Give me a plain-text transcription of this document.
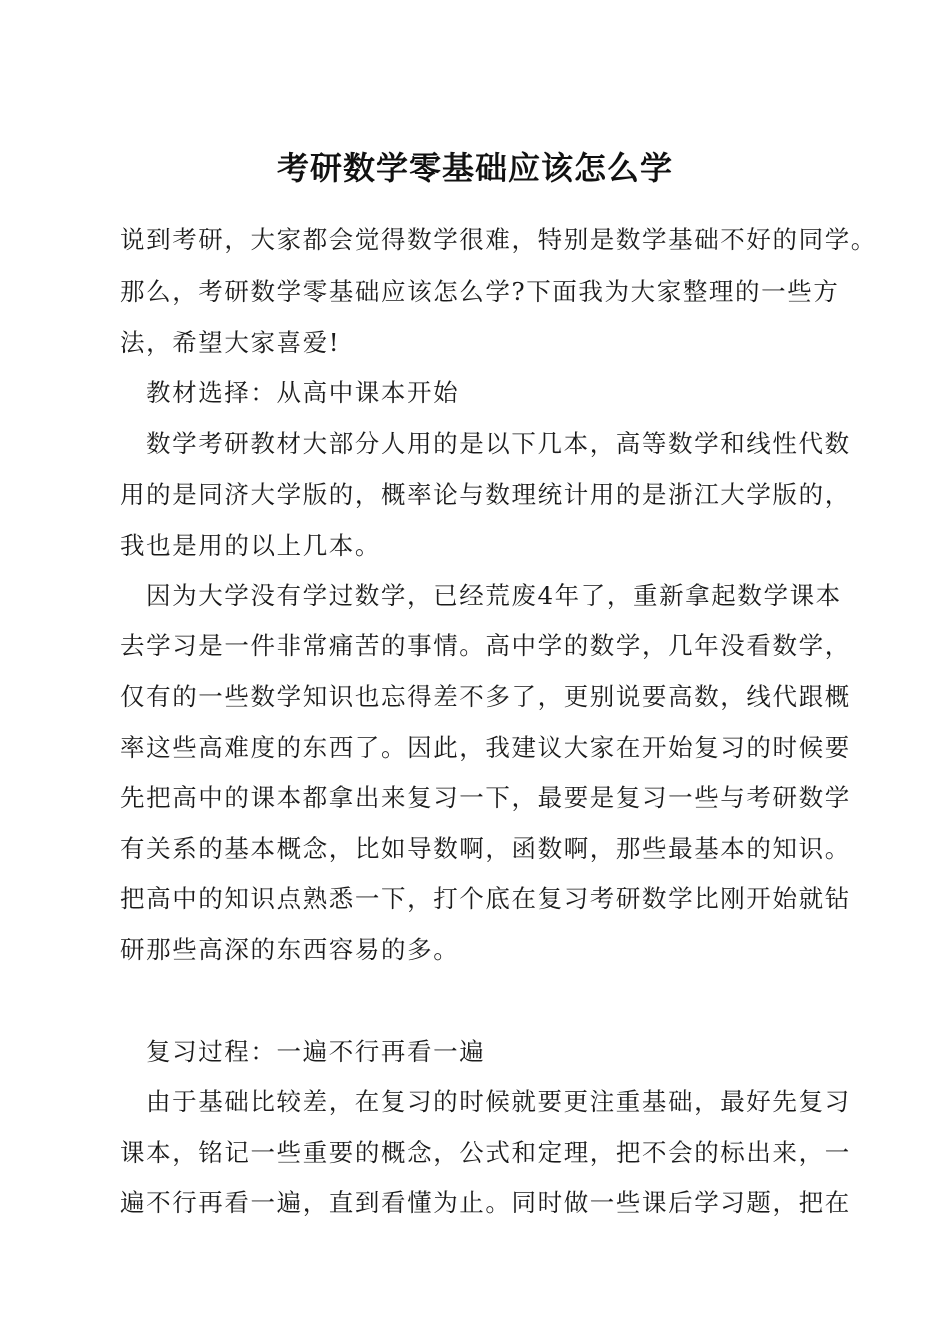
考研数学零基础应该怎么学
说到考研，大家都会觉得数学很难，特别是数学基础不好的同学。
那么，考研数学零基础应该怎么学?下面我为大家整理的一些方
法，希望大家喜爱!
教材选择：从高中课本开始
数学考研教材大部分人用的是以下几本，高等数学和线性代数
用的是同济大学版的，概率论与数理统计用的是浙江大学版的，
我也是用的以上几本。
因为大学没有学过数学，已经荒废4年了，重新拿起数学课本
去学习是一件非常痛苦的事情。高中学的数学，几年没看数学，
仅有的一些数学知识也忘得差不多了，更别说要高数，线代跟概
率这些高难度的东西了。因此，我建议大家在开始复习的时候要
先把高中的课本都拿出来复习一下，最要是复习一些与考研数学
有关系的基本概念，比如导数啊，函数啊，那些最基本的知识。
把高中的知识点熟悉一下，打个底在复习考研数学比刚开始就钻
研那些高深的东西容易的多。
复习过程：一遍不行再看一遍
由于基础比较差，在复习的时候就要更注重基础，最好先复习
课本，铭记一些重要的概念，公式和定理，把不会的标出来，一
遍不行再看一遍，直到看懂为止。同时做一些课后学习题，把在
